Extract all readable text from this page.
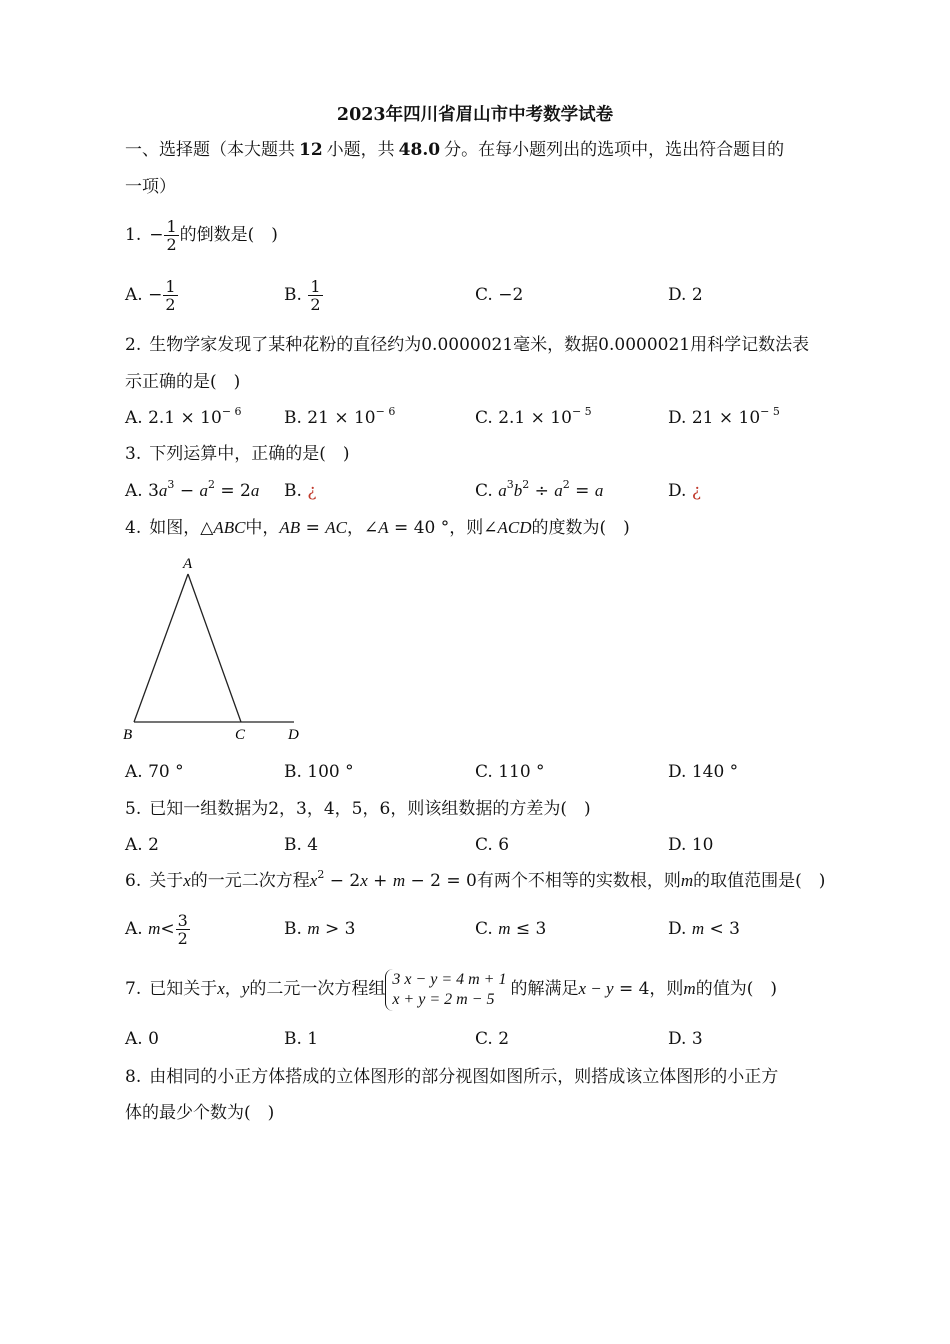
2023年四川省眉山市中考数学试卷
一、选择题（本大题共 12 小题，共 48.0 分。在每小题列出的选项中，选出符合题目的
一项）
1. − $\frac{1}{2}$ 的倒数是(　)
A. − $\frac{1}{2}$	B. $\frac{1}{2}$	C. −2	D. 2
2. 生物学家发现了某种花粉的直径约为0.0000021毫米，数据0.0000021用科学记数法表
示正确的是(　)
A. $2.1 \times 10^{- 6}$ B. $21 \times 10^{- 6}$	C. $2.1 \times 10^{- 5}$	D. $21 \times 10^{- 5}$
3. 下列运算中，正确的是(　)
A. $3a^3 - a^2 = 2a$ B. ¿	C. $a^3b^2 \div a^2 = a$	D. ¿
4. 如图，△ABC中，AB = AC，∠A = 40 °，则∠ACD的度数为(　)
A
B	C	D
A. 70 °	B. 100 °	C. 110 °	D. 140 °
5. 已知一组数据为2，3，4，5，6，则该组数据的方差为(　)
A. 2	B. 4	C. 6	D. 10
6. 关于x的一元二次方程$x^2 - 2x + m - 2 = 0$有两个不相等的实数根，则m的取值范围是(　)
A. $m< \frac{3}{2}$	B. m > 3	C. m ≤ 3	D. m < 3
7. 已知关于x，y的二元一次方程组 3 x − y = 4 m + 1
x + y = 2 m − 5 的解满足x − y = 4，则m的值为(　)
A. 0	B. 1	C. 2	D. 3
8. 由相同的小正方体搭成的立体图形的部分视图如图所示，则搭成该立体图形的小正方
体的最少个数为(　)
